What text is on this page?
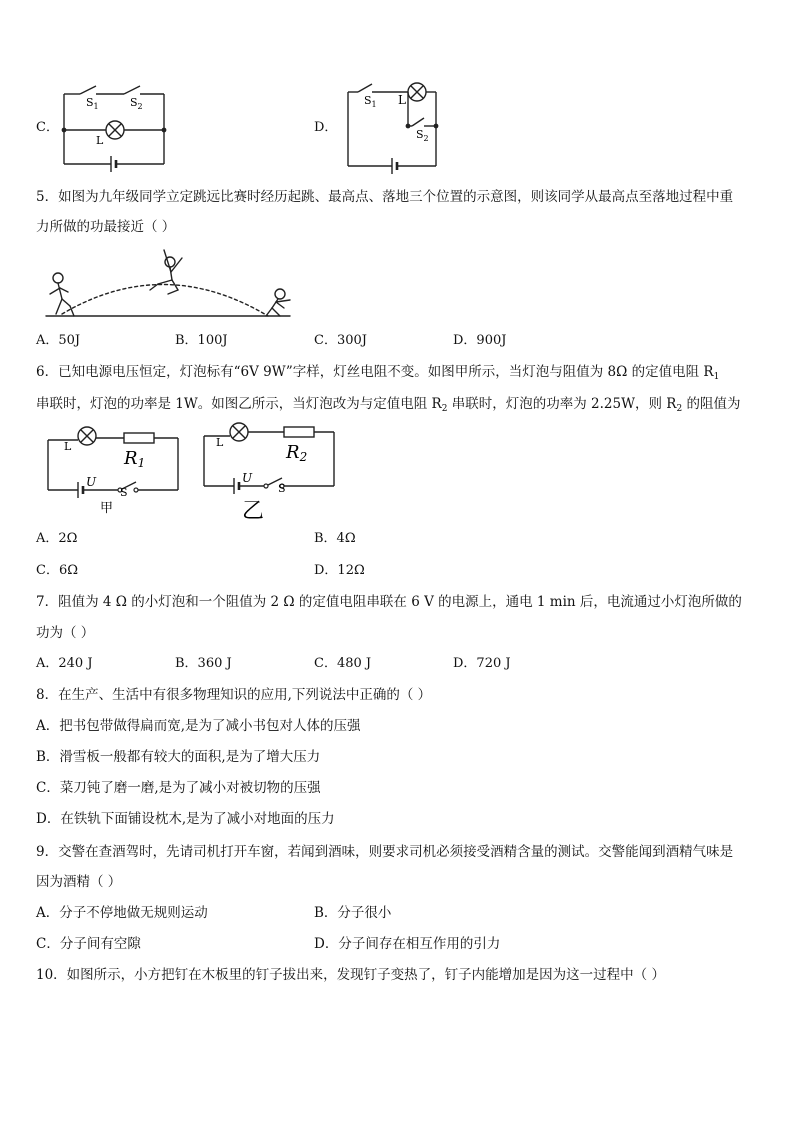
C．
$S_1$	$S_2$
L
D．
$S_1$ L
$S_2$
5．如图为九年级同学立定跳远比赛时经历起跳、最高点、落地三个位置的示意图，则该同学从最高点至落地过程中重
力所做的功最接近（ ）
A．50J	B．100J	C．300J	D．900J
6．已知电源电压恒定，灯泡标有“6V 9W”字样，灯丝电阻不变。如图甲所示，当灯泡与阻值为 8Ω 的定值电阻 $R_1$
串联时，灯泡的功率是 1W。如图乙所示，当灯泡改为与定值电阻 $R_2$ 串联时，灯泡的功率为 2.25W，则 $R_2$ 的阻值为
L
R1
U
S
甲
L	R2
U
S
乙
A．2Ω	B．4Ω
C．6Ω	D．12Ω
7．阻值为 4 Ω 的小灯泡和一个阻值为 2 Ω 的定值电阻串联在 6 V 的电源上，通电 1 min 后，电流通过小灯泡所做的
功为（ ）
A．240 J	B．360 J	C．480 J	D．720 J
8．在生产、生活中有很多物理知识的应用,下列说法中正确的（ ）
A．把书包带做得扁而宽,是为了减小书包对人体的压强
B．滑雪板一般都有较大的面积,是为了增大压力
C．菜刀钝了磨一磨,是为了减小对被切物的压强
D．在铁轨下面铺设枕木,是为了减小对地面的压力
9．交警在查酒驾时，先请司机打开车窗，若闻到酒味，则要求司机必须接受酒精含量的测试。交警能闻到酒精气味是
因为酒精（ ）
A．分子不停地做无规则运动	B．分子很小
C．分子间有空隙	D．分子间存在相互作用的引力
10．如图所示，小方把钉在木板里的钉子拔出来，发现钉子变热了，钉子内能增加是因为这一过程中（ ）
